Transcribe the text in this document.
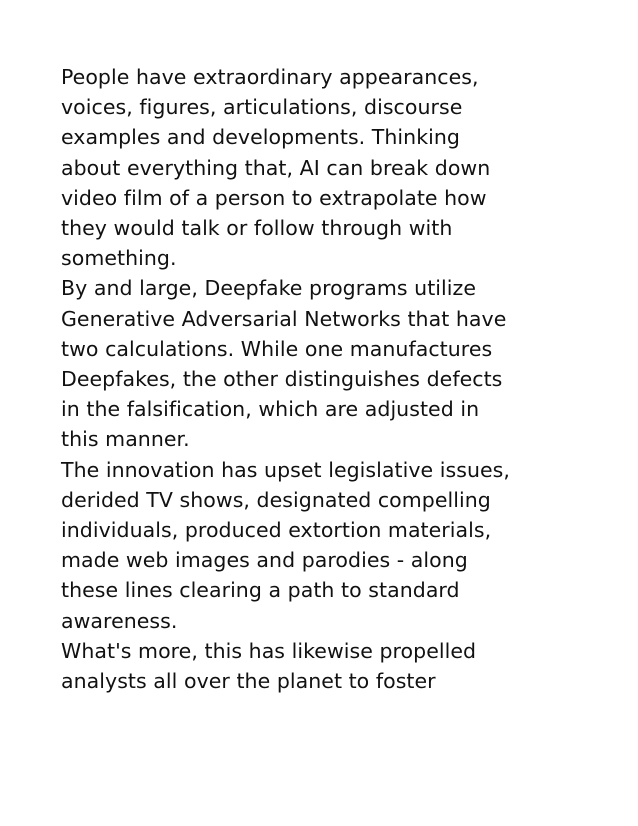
People have extraordinary appearances,
voices, figures, articulations, discourse
examples and developments. Thinking
about everything that, AI can break down
video film of a person to extrapolate how
they would talk or follow through with
something.
By and large, Deepfake programs utilize
Generative Adversarial Networks that have
two calculations. While one manufactures
Deepfakes, the other distinguishes defects
in the falsification, which are adjusted in
this manner.
The innovation has upset legislative issues,
derided TV shows, designated compelling
individuals, produced extortion materials,
made web images and parodies - along
these lines clearing a path to standard
awareness.
What's more, this has likewise propelled
analysts all over the planet to foster
